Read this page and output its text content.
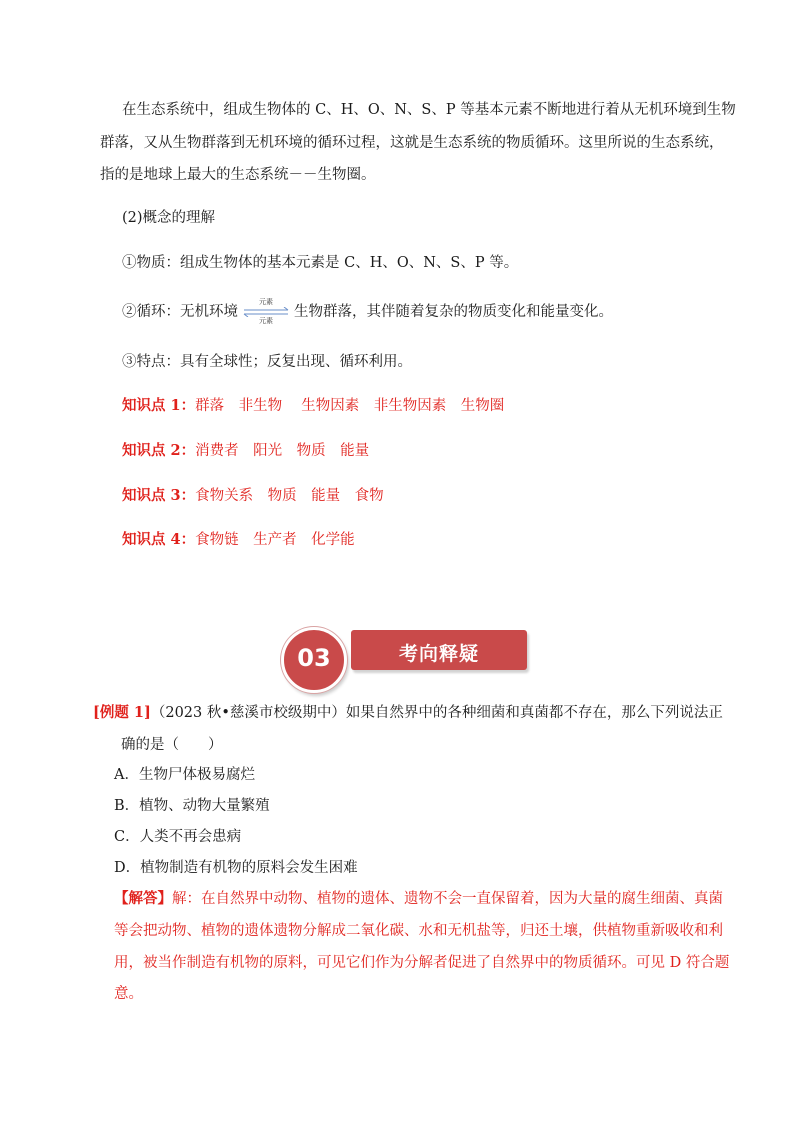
在生态系统中，组成生物体的 C、H、O、N、S、P 等基本元素不断地进行着从无机环境到生物
群落，又从生物群落到无机环境的循环过程，这就是生态系统的物质循环。这里所说的生态系统，
指的是地球上最大的生态系统－－生物圈。
(2)概念的理解
①物质：组成生物体的基本元素是 C、H、O、N、S、P 等。
②循环：无机环境
元素
元素
生物群落，其伴随着复杂的物质变化和能量变化。
③特点：具有全球性；反复出现、循环利用。
知识点 1：群落　非生物　 生物因素　非生物因素　生物圈
知识点 2：消费者　阳光　物质　能量
知识点 3：食物关系　物质　能量　食物
知识点 4：食物链　生产者　化学能
考向释疑
03
[例题 1]（2023 秋•慈溪市校级期中）如果自然界中的各种细菌和真菌都不存在，那么下列说法正
确的是（　　）
A．生物尸体极易腐烂
B．植物、动物大量繁殖
C．人类不再会患病
D．植物制造有机物的原料会发生困难
【解答】解：在自然界中动物、植物的遗体、遗物不会一直保留着，因为大量的腐生细菌、真菌
等会把动物、植物的遗体遗物分解成二氧化碳、水和无机盐等，归还土壤，供植物重新吸收和利
用，被当作制造有机物的原料，可见它们作为分解者促进了自然界中的物质循环。可见 D 符合题
意。
